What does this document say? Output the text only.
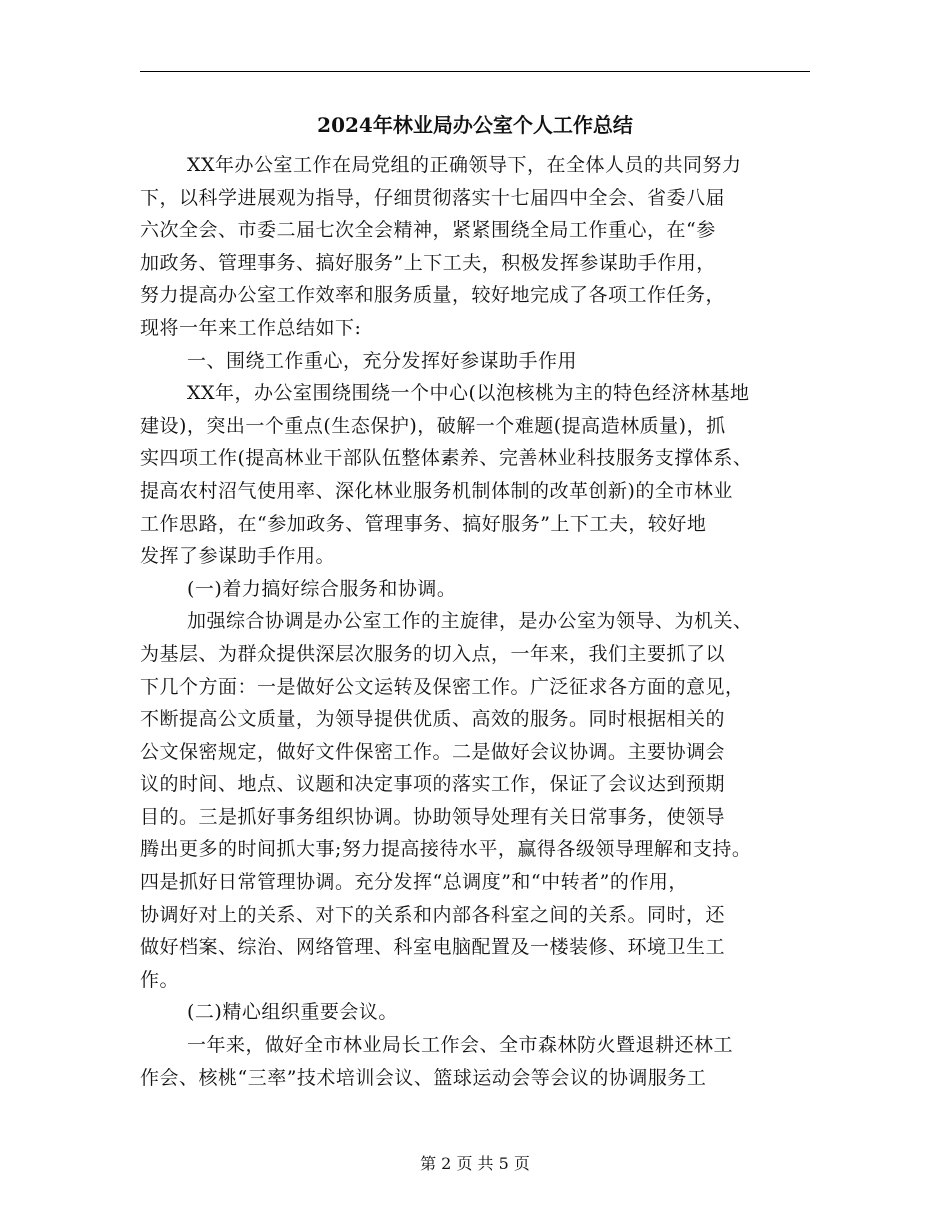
2024年林业局办公室个人工作总结
XX年办公室工作在局党组的正确领导下，在全体人员的共同努力
下，以科学进展观为指导，仔细贯彻落实十七届四中全会、省委八届
六次全会、市委二届七次全会精神，紧紧围绕全局工作重心，在“参
加政务、管理事务、搞好服务”上下工夫，积极发挥参谋助手作用，
努力提高办公室工作效率和服务质量，较好地完成了各项工作任务，
现将一年来工作总结如下:
一、围绕工作重心，充分发挥好参谋助手作用
XX年，办公室围绕围绕一个中心(以泡核桃为主的特色经济林基地
建设)，突出一个重点(生态保护)，破解一个难题(提高造林质量)，抓
实四项工作(提高林业干部队伍整体素养、完善林业科技服务支撑体系、
提高农村沼气使用率、深化林业服务机制体制的改革创新)的全市林业
工作思路，在“参加政务、管理事务、搞好服务”上下工夫，较好地
发挥了参谋助手作用。
(一)着力搞好综合服务和协调。
加强综合协调是办公室工作的主旋律，是办公室为领导、为机关、
为基层、为群众提供深层次服务的切入点，一年来，我们主要抓了以
下几个方面：一是做好公文运转及保密工作。广泛征求各方面的意见，
不断提高公文质量，为领导提供优质、高效的服务。同时根据相关的
公文保密规定，做好文件保密工作。二是做好会议协调。主要协调会
议的时间、地点、议题和决定事项的落实工作，保证了会议达到预期
目的。三是抓好事务组织协调。协助领导处理有关日常事务，使领导
腾出更多的时间抓大事;努力提高接待水平，赢得各级领导理解和支持。
四是抓好日常管理协调。充分发挥“总调度”和“中转者”的作用，
协调好对上的关系、对下的关系和内部各科室之间的关系。同时，还
做好档案、综治、网络管理、科室电脑配置及一楼装修、环境卫生工
作。
(二)精心组织重要会议。
一年来，做好全市林业局长工作会、全市森林防火暨退耕还林工
作会、核桃“三率”技术培训会议、篮球运动会等会议的协调服务工
第 2 页 共 5 页
